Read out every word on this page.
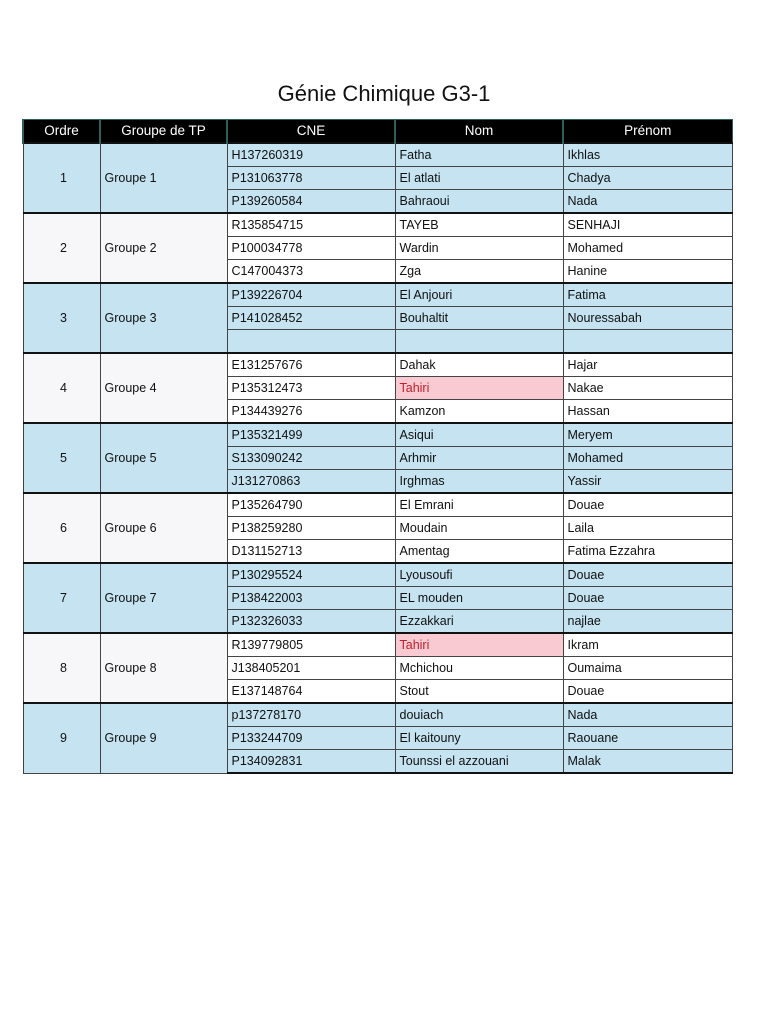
Génie Chimique G3-1
Ordre	Groupe de TP	CNE	Nom	Prénom
1	Groupe 1	H137260319	Fatha	Ikhlas
		P131063778	El atlati	Chadya
		P139260584	Bahraoui	Nada
2	Groupe 2	R135854715	TAYEB	SENHAJI
		P100034778	Wardin	Mohamed
		C147004373	Zga	Hanine
3	Groupe 3	P139226704	El Anjouri	Fatima
		P141028452	Bouhaltit	Nouressabah

4	Groupe 4	E131257676	Dahak	Hajar
		P135312473	Tahiri	Nakae
		P134439276	Kamzon	Hassan
5	Groupe 5	P135321499	Asiqui	Meryem
		S133090242	Arhmir	Mohamed
		J131270863	Irghmas	Yassir
6	Groupe 6	P135264790	El Emrani	Douae
		P138259280	Moudain	Laila
		D131152713	Amentag	Fatima Ezzahra
7	Groupe 7	P130295524	Lyousoufi	Douae
		P138422003	EL mouden	Douae
		P132326033	Ezzakkari	najlae
8	Groupe 8	R139779805	Tahiri	Ikram
		J138405201	Mchichou	Oumaima
		E137148764	Stout	Douae
9	Groupe 9	p137278170	douiach	Nada
		P133244709	El kaitouny	Raouane
		P134092831	Tounssi el azzouani	Malak
